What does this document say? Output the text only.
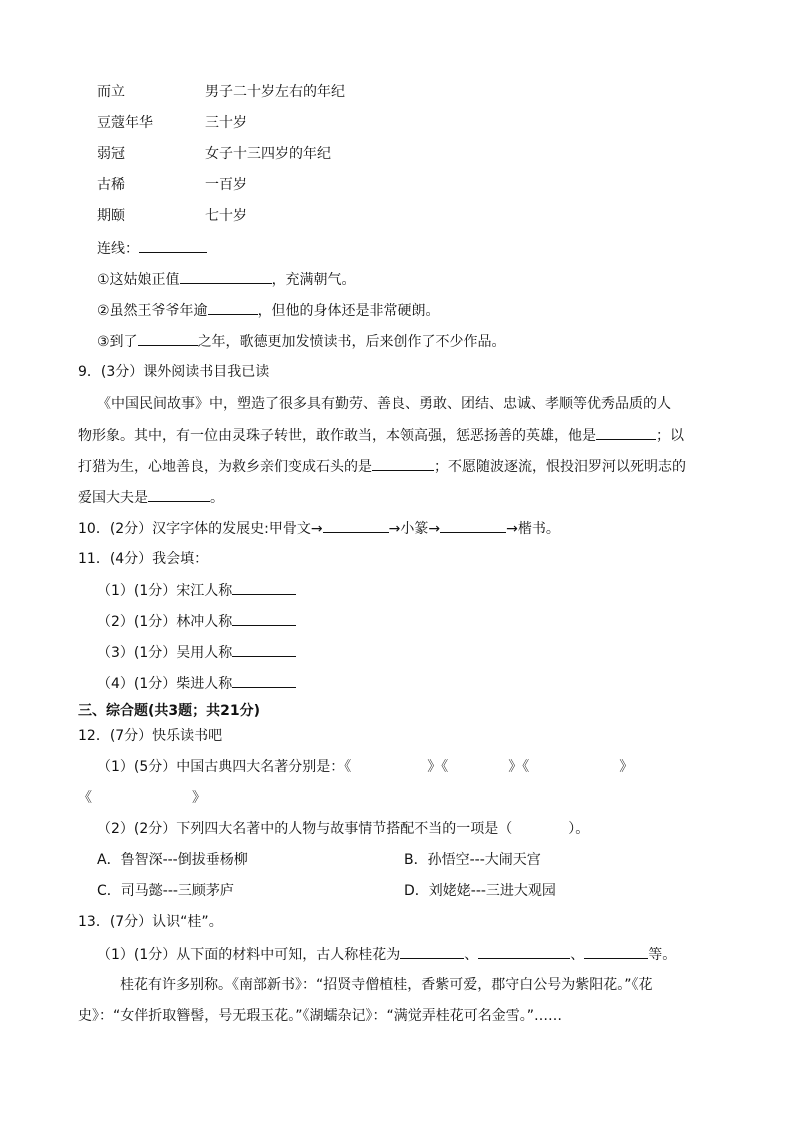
而立	男子二十岁左右的年纪
豆蔻年华	三十岁
弱冠	女子十三四岁的年纪
古稀	一百岁
期颐	七十岁
连线：
①这姑娘正值	，充满朝气。
②虽然王爷爷年逾	，但他的身体还是非常硬朗。
③到了	之年，歌德更加发愤读书，后来创作了不少作品。
9．(3分）课外阅读书目我已读
《中国民间故事》中，塑造了很多具有勤劳、善良、勇敢、团结、忠诚、孝顺等优秀品质的人
物形象。其中，有一位由灵珠子转世，敢作敢当，本领高强，惩恶扬善的英雄，他是	；以
打猎为生，心地善良，为救乡亲们变成石头的是	；不愿随波逐流，恨投汨罗河以死明志的
爱国大夫是	。
10．(2分）汉字字体的发展史:甲骨文→	→小篆→	→楷书。
11．(4分）我会填：
（1）(1分）宋江人称
（2）(1分）林冲人称
（3）(1分）吴用人称
（4）(1分）柴进人称
三、综合题(共3题；共21分)
12．(7分）快乐读书吧
（1）(5分）中国古典四大名著分别是：《	》《	》《	》
《	》
（2）(2分）下列四大名著中的人物与故事情节搭配不当的一项是（	）。
A．鲁智深---倒拔垂杨柳	B．孙悟空---大闹天宫
C．司马懿---三顾茅庐	D．刘姥姥---三进大观园
13．(7分）认识“桂”。
（1）(1分）从下面的材料中可知，古人称桂花为	、	、	等。
桂花有许多别称。《南部新书》：“招贤寺僧植桂，香紫可爱，郡守白公号为紫阳花。”《花
史》：“女伴折取簪髻，号无瑕玉花。”《湖蠕杂记》：“满觉弄桂花可名金雪。”……
